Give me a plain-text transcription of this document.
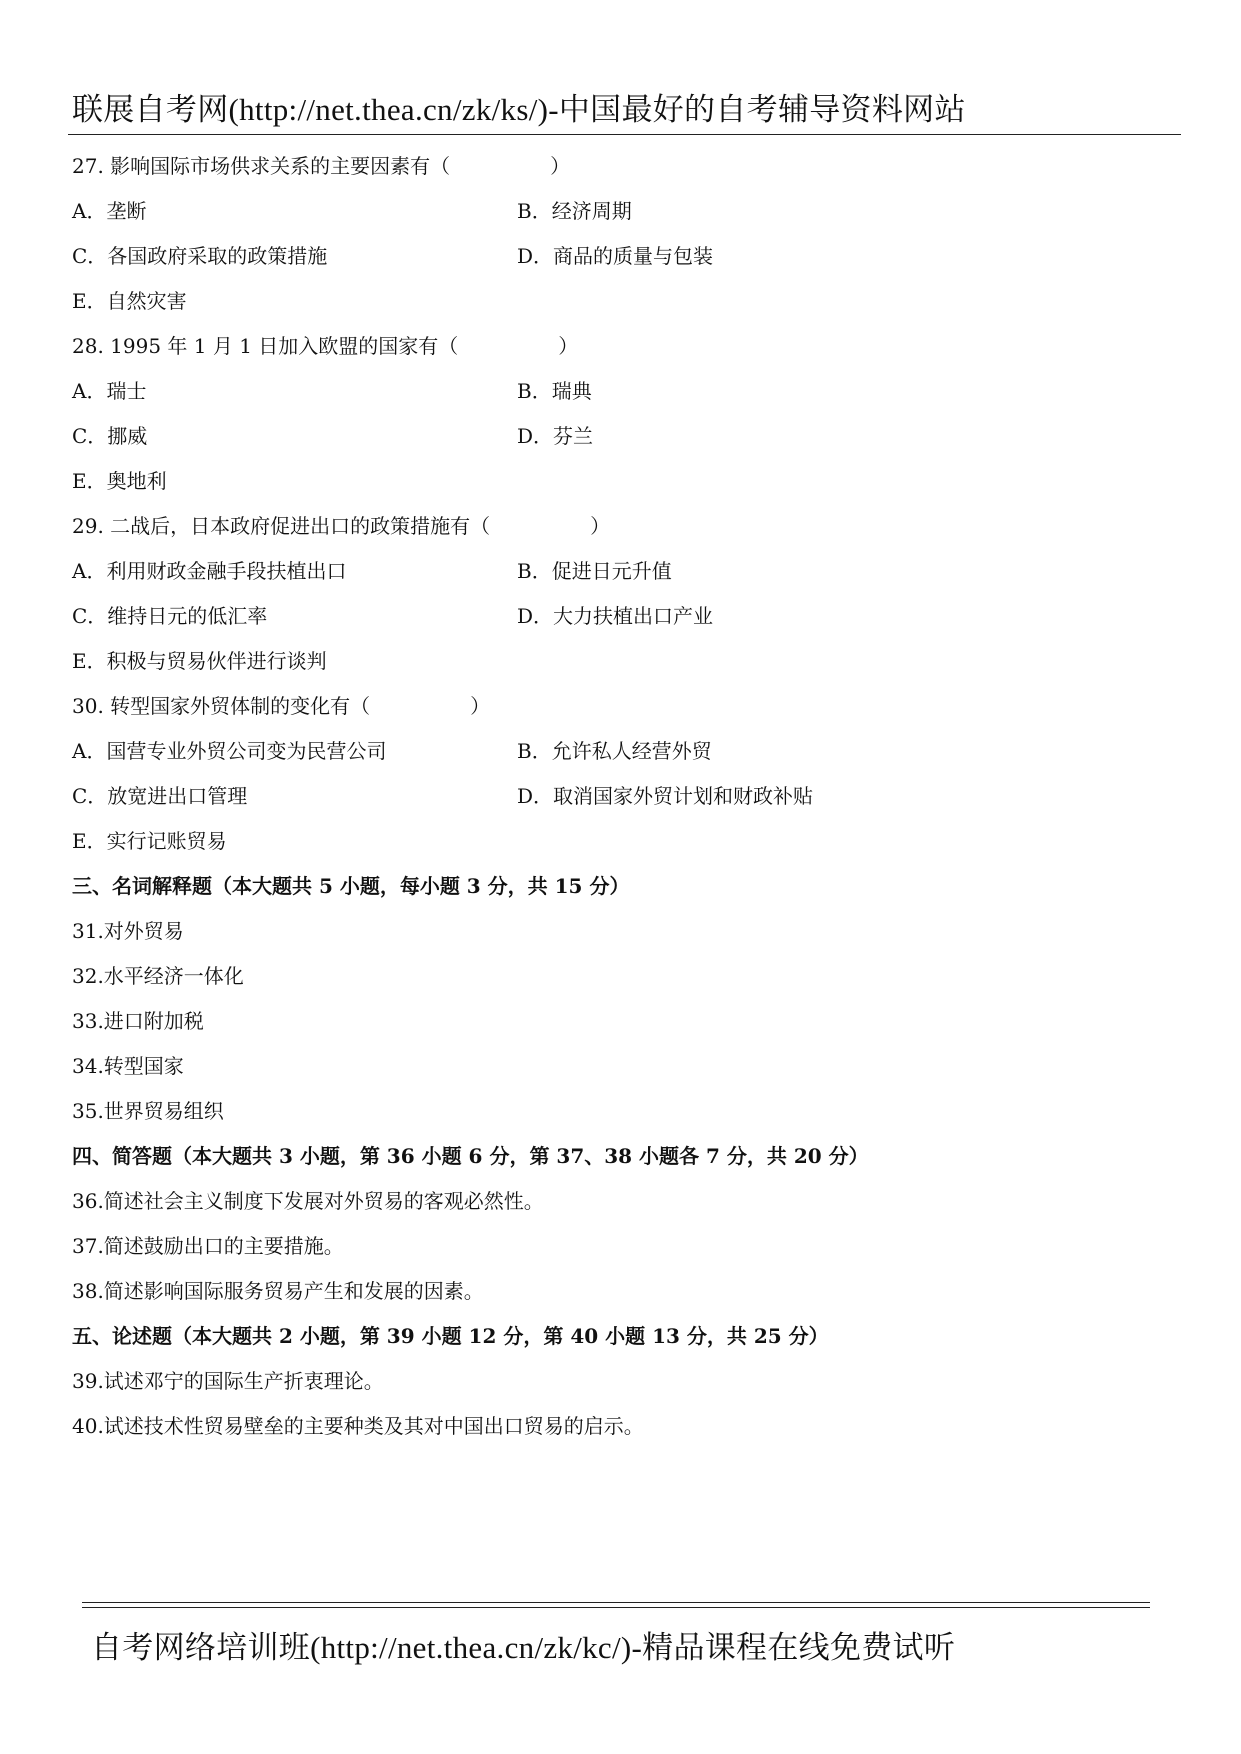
联展自考网(http://net.thea.cn/zk/ks/)-中国最好的自考辅导资料网站
27. 影响国际市场供求关系的主要因素有（　　　　　）
A．垄断	B．经济周期
C．各国政府采取的政策措施	D．商品的质量与包装
E．自然灾害
28. 1995 年 1 月 1 日加入欧盟的国家有（　　　　　）
A．瑞士	B．瑞典
C．挪威	D．芬兰
E．奥地利
29. 二战后，日本政府促进出口的政策措施有（　　　　　）
A．利用财政金融手段扶植出口	B．促进日元升值
C．维持日元的低汇率	D．大力扶植出口产业
E．积极与贸易伙伴进行谈判
30. 转型国家外贸体制的变化有（　　　　　）
A．国营专业外贸公司变为民营公司	B．允许私人经营外贸
C．放宽进出口管理	D．取消国家外贸计划和财政补贴
E．实行记账贸易
三、名词解释题（本大题共 5 小题，每小题 3 分，共 15 分）
31.对外贸易
32.水平经济一体化
33.进口附加税
34.转型国家
35.世界贸易组织
四、简答题（本大题共 3 小题，第 36 小题 6 分，第 37、38 小题各 7 分，共 20 分）
36.简述社会主义制度下发展对外贸易的客观必然性。
37.简述鼓励出口的主要措施。
38.简述影响国际服务贸易产生和发展的因素。
五、论述题（本大题共 2 小题，第 39 小题 12 分，第 40 小题 13 分，共 25 分）
39.试述邓宁的国际生产折衷理论。
40.试述技术性贸易壁垒的主要种类及其对中国出口贸易的启示。
自考网络培训班(http://net.thea.cn/zk/kc/)-精品课程在线免费试听
